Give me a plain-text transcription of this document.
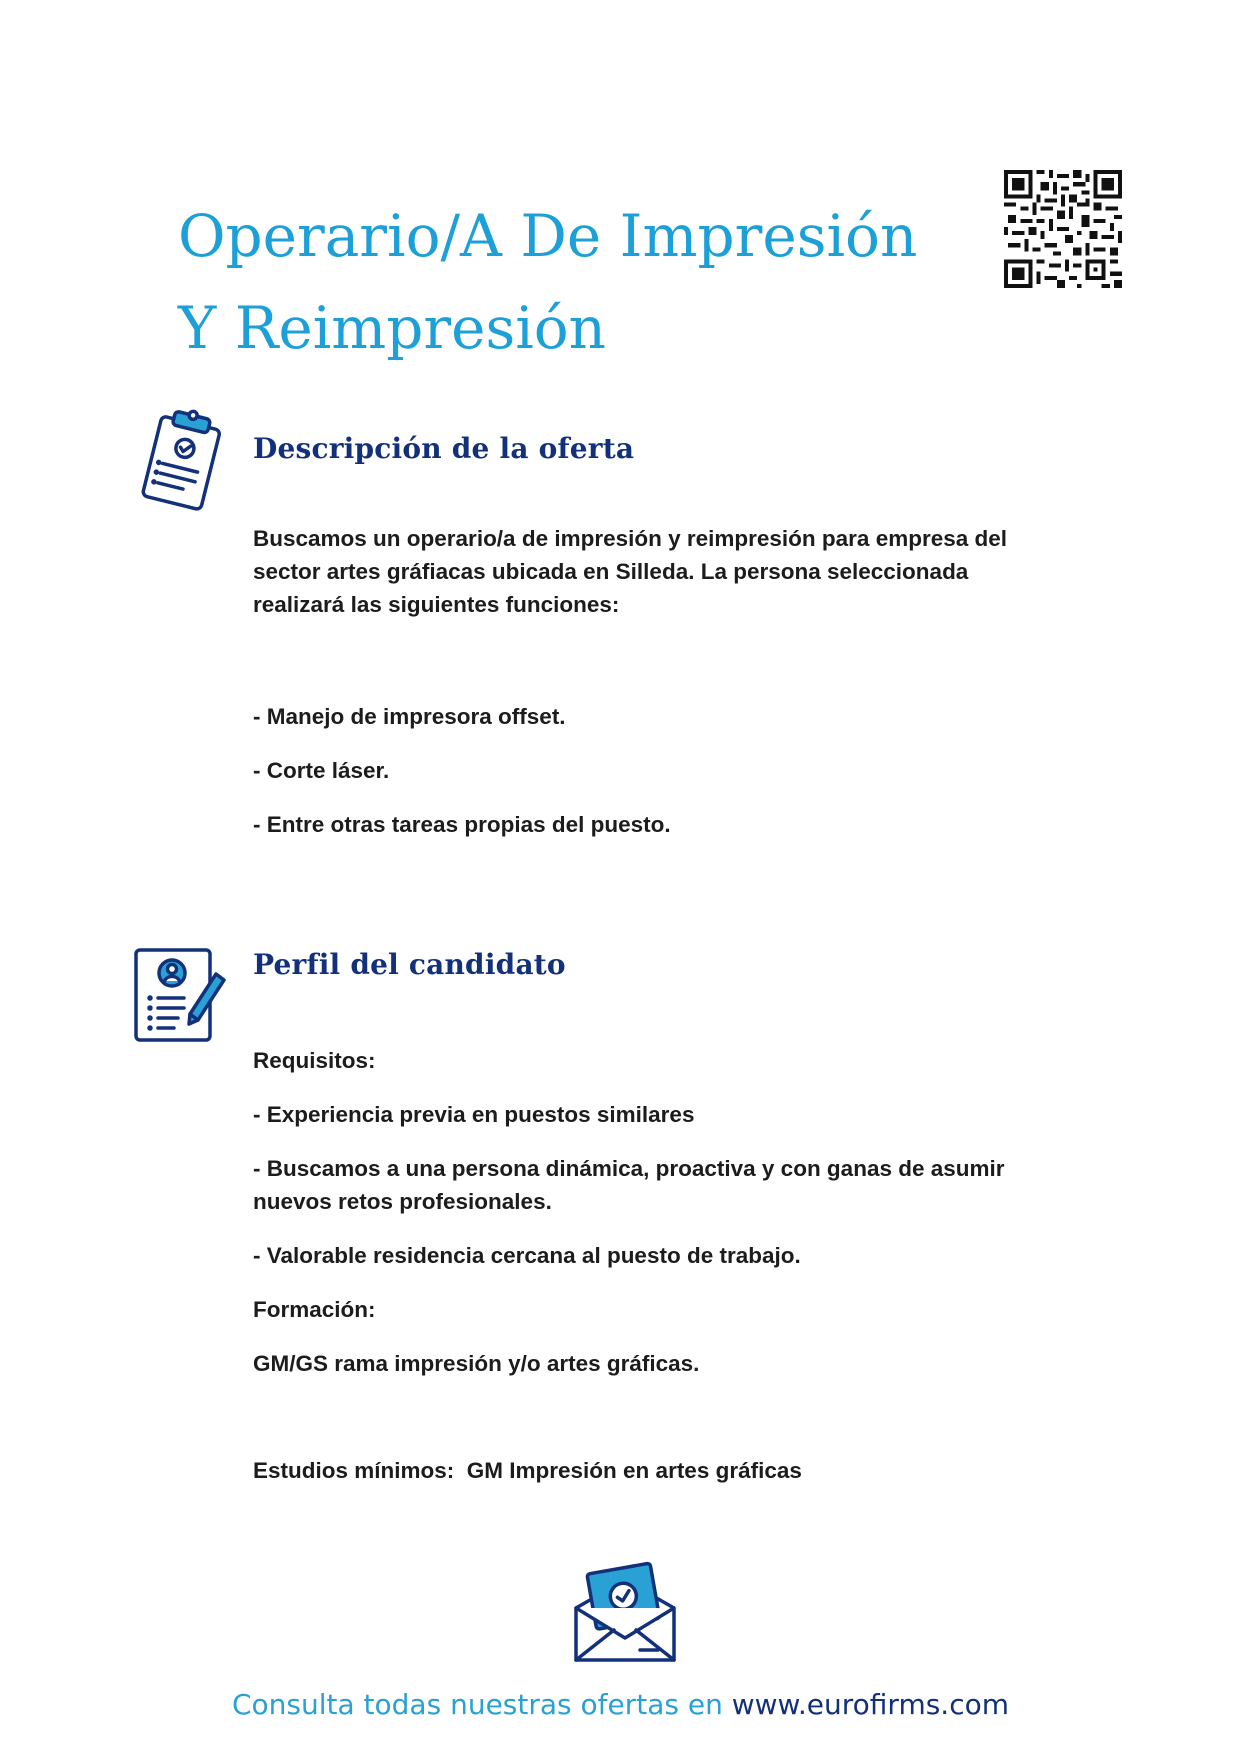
Operario/A De Impresión
Y Reimpresión
Descripción de la oferta

Buscamos un operario/a de impresión y reimpresión para empresa del sector artes gráfiacas ubicada en Silleda. La persona seleccionada realizará las siguientes funciones:

- Manejo de impresora offset.

- Corte láser.

- Entre otras tareas propias del puesto.

Perfil del candidato

Requisitos:

- Experiencia previa en puestos similares

- Buscamos a una persona dinámica, proactiva y con ganas de asumir nuevos retos profesionales.

- Valorable residencia cercana al puesto de trabajo.

Formación:

GM/GS rama impresión y/o artes gráficas.

Estudios mínimos:  GM Impresión en artes gráficas

Consulta todas nuestras ofertas en www.eurofirms.com
